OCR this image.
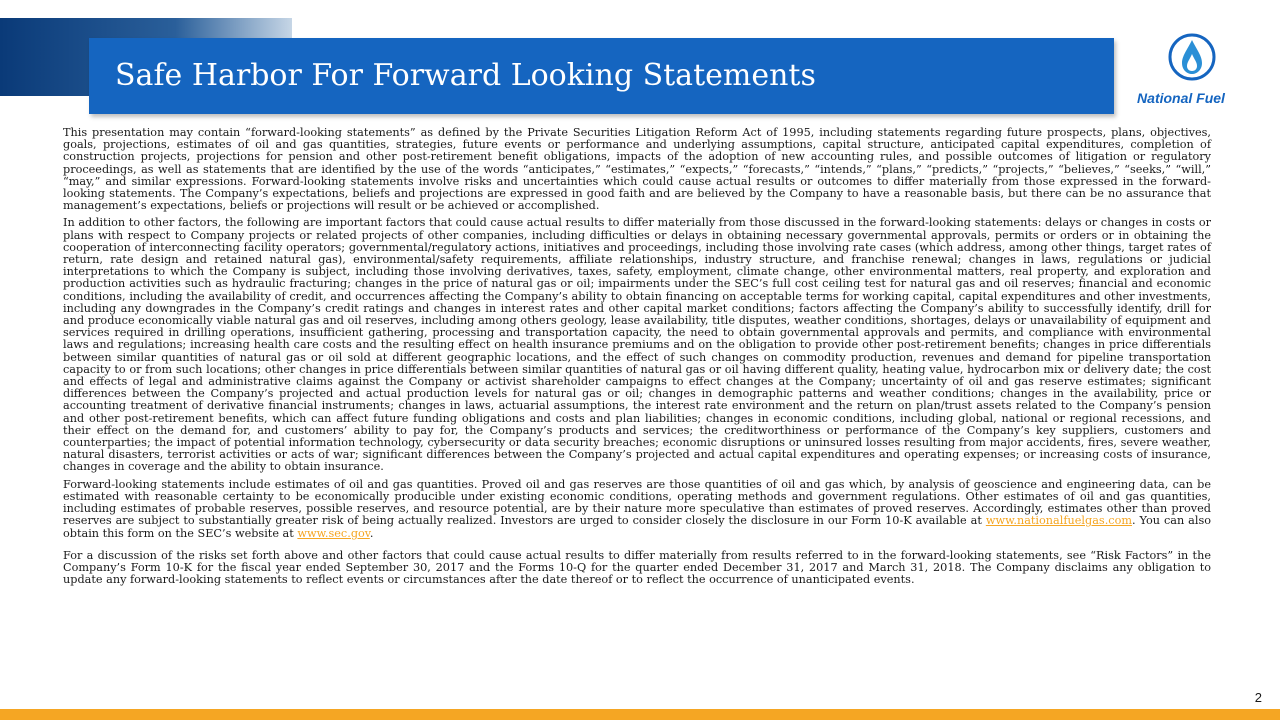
Safe Harbor For Forward Looking Statements
National Fuel

This presentation may contain “forward-looking statements” as defined by the Private Securities Litigation Reform Act of 1995, including statements regarding future prospects, plans, objectives, goals, projections, estimates of oil and gas quantities, strategies, future events or performance and underlying assumptions, capital structure, anticipated capital expenditures, completion of construction projects, projections for pension and other post-retirement benefit obligations, impacts of the adoption of new accounting rules, and possible outcomes of litigation or regulatory proceedings, as well as statements that are identified by the use of the words “anticipates,” “estimates,” “expects,” “forecasts,” “intends,” “plans,” “predicts,” “projects,” “believes,” “seeks,” “will,” “may,” and similar expressions. Forward-looking statements involve risks and uncertainties which could cause actual results or outcomes to differ materially from those expressed in the forward-looking statements. The Company’s expectations, beliefs and projections are expressed in good faith and are believed by the Company to have a reasonable basis, but there can be no assurance that management’s expectations, beliefs or projections will result or be achieved or accomplished.

In addition to other factors, the following are important factors that could cause actual results to differ materially from those discussed in the forward-looking statements: delays or changes in costs or plans with respect to Company projects or related projects of other companies, including difficulties or delays in obtaining necessary governmental approvals, permits or orders or in obtaining the cooperation of interconnecting facility operators; governmental/regulatory actions, initiatives and proceedings, including those involving rate cases (which address, among other things, target rates of return, rate design and retained natural gas), environmental/safety requirements, affiliate relationships, industry structure, and franchise renewal; changes in laws, regulations or judicial interpretations to which the Company is subject, including those involving derivatives, taxes, safety, employment, climate change, other environmental matters, real property, and exploration and production activities such as hydraulic fracturing; changes in the price of natural gas or oil; impairments under the SEC’s full cost ceiling test for natural gas and oil reserves; financial and economic conditions, including the availability of credit, and occurrences affecting the Company’s ability to obtain financing on acceptable terms for working capital, capital expenditures and other investments, including any downgrades in the Company’s credit ratings and changes in interest rates and other capital market conditions; factors affecting the Company’s ability to successfully identify, drill for and produce economically viable natural gas and oil reserves, including among others geology, lease availability, title disputes, weather conditions, shortages, delays or unavailability of equipment and services required in drilling operations, insufficient gathering, processing and transportation capacity, the need to obtain governmental approvals and permits, and compliance with environmental laws and regulations; increasing health care costs and the resulting effect on health insurance premiums and on the obligation to provide other post-retirement benefits; changes in price differentials between similar quantities of natural gas or oil sold at different geographic locations, and the effect of such changes on commodity production, revenues and demand for pipeline transportation capacity to or from such locations; other changes in price differentials between similar quantities of natural gas or oil having different quality, heating value, hydrocarbon mix or delivery date; the cost and effects of legal and administrative claims against the Company or activist shareholder campaigns to effect changes at the Company; uncertainty of oil and gas reserve estimates; significant differences between the Company’s projected and actual production levels for natural gas or oil; changes in demographic patterns and weather conditions; changes in the availability, price or accounting treatment of derivative financial instruments; changes in laws, actuarial assumptions, the interest rate environment and the return on plan/trust assets related to the Company’s pension and other post-retirement benefits, which can affect future funding obligations and costs and plan liabilities; changes in economic conditions, including global, national or regional recessions, and their effect on the demand for, and customers’ ability to pay for, the Company’s products and services; the creditworthiness or performance of the Company’s key suppliers, customers and counterparties; the impact of potential information technology, cybersecurity or data security breaches; economic disruptions or uninsured losses resulting from major accidents, fires, severe weather, natural disasters, terrorist activities or acts of war; significant differences between the Company’s projected and actual capital expenditures and operating expenses; or increasing costs of insurance, changes in coverage and the ability to obtain insurance.

Forward-looking statements include estimates of oil and gas quantities. Proved oil and gas reserves are those quantities of oil and gas which, by analysis of geoscience and engineering data, can be estimated with reasonable certainty to be economically producible under existing economic conditions, operating methods and government regulations. Other estimates of oil and gas quantities, including estimates of probable reserves, possible reserves, and resource potential, are by their nature more speculative than estimates of proved reserves. Accordingly, estimates other than proved reserves are subject to substantially greater risk of being actually realized. Investors are urged to consider closely the disclosure in our Form 10-K available at www.nationalfuelgas.com. You can also obtain this form on the SEC’s website at www.sec.gov.

For a discussion of the risks set forth above and other factors that could cause actual results to differ materially from results referred to in the forward-looking statements, see “Risk Factors” in the Company’s Form 10-K for the fiscal year ended September 30, 2017 and the Forms 10-Q for the quarter ended December 31, 2017 and March 31, 2018. The Company disclaims any obligation to update any forward-looking statements to reflect events or circumstances after the date thereof or to reflect the occurrence of unanticipated events.

2
